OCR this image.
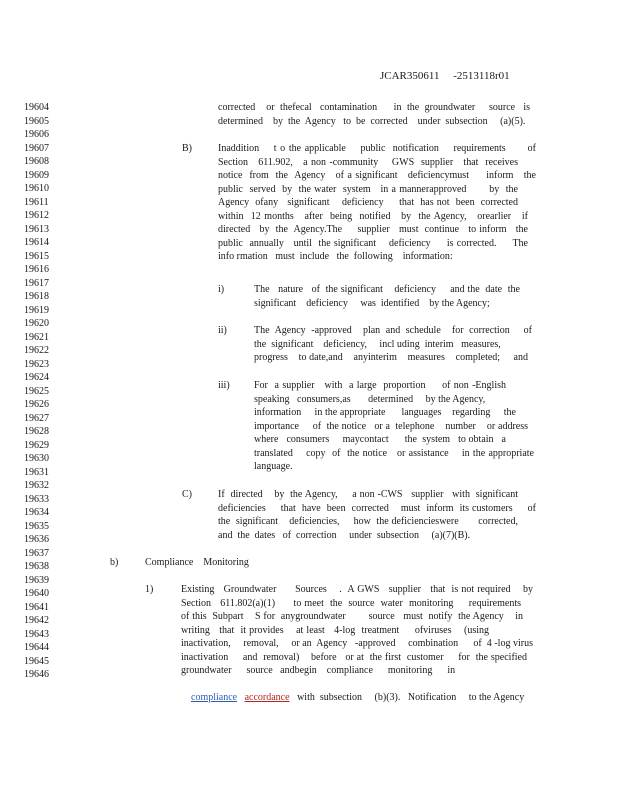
JCAR350611     -2513118r01
19604
19605
19606
19607
19608
19609
19610
19611
19612
19613
19614
19615
19616
19617
19618
19619
19620
19621
19622
19623
19624
19625
19626
19627
19628
19629
19630
19631
19632
19633
19634
19635
19636
19637
19638
19639
19640
19641
19642
19643
19644
19645
19646
corrected    or  thefecal   contamination      in  the  groundwater     source   is
determined    by  the  Agency   to  be  corrected    under  subsection     (a)(5).
B)	Inaddition    t o the applicable    public  notification    requirements      of
Section   611.902,   a non -community    GWS  supplier   that  receives
notice  from  the  Agency   of a significant   deficiencymust     inform   the
public  served  by  the water  system   in a mannerapproved       by  the
Agency  ofany   significant    deficiency     that  has not  been  corrected
within  12 months   after  being  notified   by  the Agency,   orearlier   if
directed   by  the  Agency.The     supplier   must  continue   to inform   the
public  annually   until  the significant    deficiency     is corrected.     The
info rmation   must  include   the  following    information:
i)	The   nature   of  the significant    deficiency     and the  date  the
significant    deficiency     was  identified    by the Agency;
ii)	The  Agency  -approved    plan  and  schedule    for  correction     of
the  significant    deficiency,     incl uding  interim   measures,
progress    to date,and    anyinterim    measures    completed;     and
iii) For  a supplier   with  a large  proportion     of non -English
speaking   consumers,as       determined     by the Agency,
information     in the appropriate      languages    regarding     the
importance     of  the notice   or a  telephone    number    or address
where   consumers     maycontact      the  system   to obtain   a
translated    copy  of  the notice   or assistance    in the appropriate
language.
C)	If  directed    by  the Agency,     a non -CWS   supplier   with  significant
deficiencies     that  have  been  corrected    must  inform  its customers     of
the  significant    deficiencies,     how  the deficiencieswere       corrected,
and  the  dates   of  correction     under  subsection     (a)(7)(B).
b)	Compliance    Monitoring
1)	Existing   Groundwater      Sources    .  A GWS   supplier   that  is not required    by
Section   611.802(a)(1)      to meet  the  source  water  monitoring     requirements
of this  Subpart    S for  anygroundwater        source   must  notify  the Agency    in
writing   that  it provides    at least   4-log  treatment     ofviruses    (using
inactivation,     removal,     or an  Agency   -approved     combination      of  4 -log virus
inactivation     and  removal)    before   or at  the first  customer     for  the specified
groundwater      source   andbegin    compliance      monitoring      in

compliance accordance   with  subsection     (b)(3).   Notification     to the Agency
